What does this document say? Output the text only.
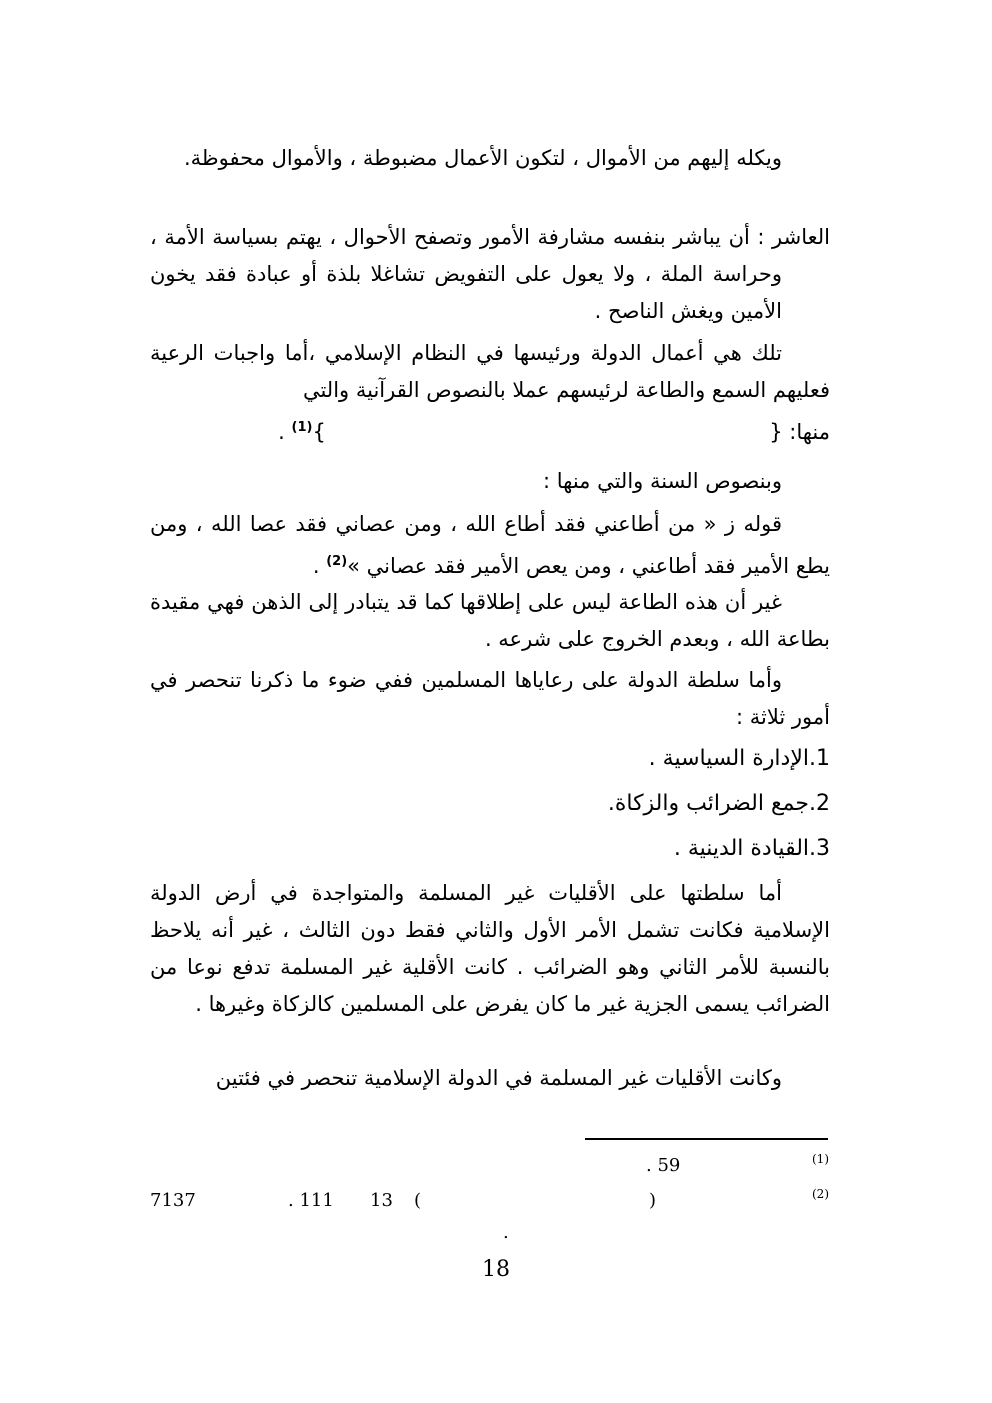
ويكله إليهم من الأموال ، لتكون الأعمال مضبوطة ، والأموال محفوظة.
العاشر : أن يباشر بنفسه مشارفة الأمور وتصفح الأحوال ، يهتم بسياسة الأمة ، وحراسة الملة ، ولا يعول على التفويض تشاغلا بلذة أو عبادة فقد يخون الأمين ويغش الناصح .
تلك هي أعمال الدولة ورئيسها في النظام الإسلامي ،أما واجبات الرعية فعليهم السمع والطاعة لرئيسهم عملا بالنصوص القرآنية والتي
منها: {  }$^{(1)}$ .
وبنصوص السنة والتي منها :
قوله ز « من أطاعني فقد أطاع الله ، ومن عصاني فقد عصا الله ، ومن يطع الأمير فقد أطاعني ، ومن يعص الأمير فقد عصاني »$^{(2)}$ .
غير أن هذه الطاعة ليس على إطلاقها كما قد يتبادر إلى الذهن فهي مقيدة بطاعة الله ، وبعدم الخروج على شرعه .
وأما سلطة الدولة على رعاياها المسلمين ففي ضوء ما ذكرنا تنحصر في أمور ثلاثة :
1.الإدارة السياسية .
2.جمع الضرائب والزكاة.
3.القيادة الدينية .
أما سلطتها على الأقليات غير المسلمة والمتواجدة في أرض الدولة الإسلامية فكانت تشمل الأمر الأول والثاني فقط دون الثالث ، غير أنه يلاحظ بالنسبة للأمر الثاني وهو الضرائب . كانت الأقلية غير المسلمة تدفع نوعا من الضرائب يسمى الجزية غير ما كان يفرض على المسلمين كالزكاة وغيرها .
وكانت الأقليات غير المسلمة في الدولة الإسلامية تنحصر في فئتين
(1)
. 59
(2)
)
(
13
. 111
7137
.
18
